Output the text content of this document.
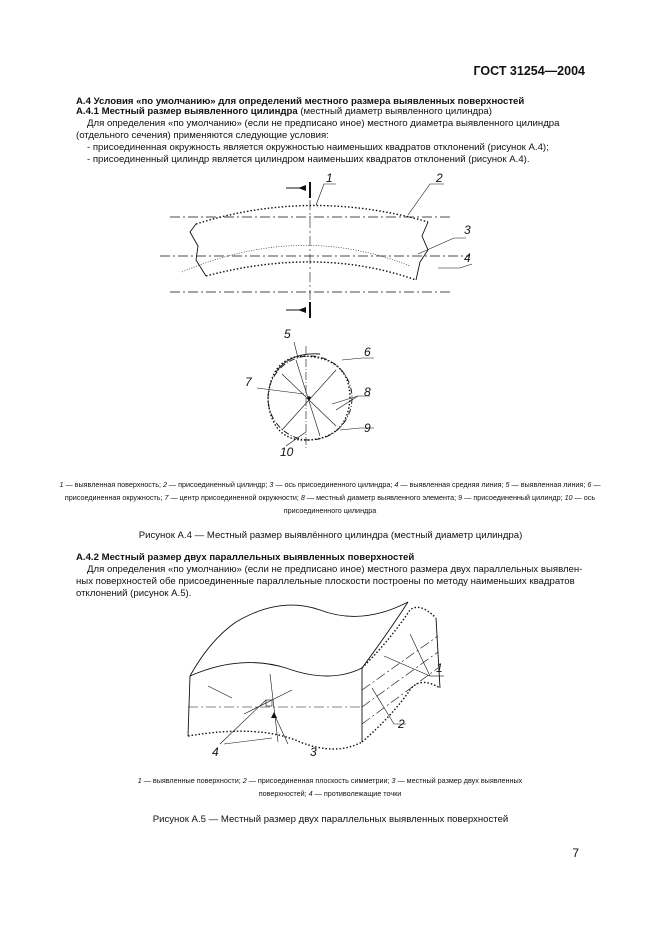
ГОСТ 31254—2004
А.4 Условия «по умолчанию» для определений местного размера выявленных поверхностей
А.4.1 Местный размер выявленного цилиндра (местный диаметр выявленного цилиндра)
Для определения «по умолчанию» (если не предписано иное) местного диаметра выявленного цилиндра
(отдельного сечения) применяются следующие условия:
- присоединенная окружность является окружностью наименьших квадратов отклонений (рисунок А.4);
- присоединенный цилиндр является цилиндром наименьших квадратов отклонений (рисунок А.4).
1	2
3
4
5
6
7
8
9
10
1 — выявленная поверхность; 2 — присоединенный цилиндр; 3 — ось присоединенного цилиндра; 4 — выявленная средняя линия; 5 — выявленная линия; 6 — присоединенная окружность; 7 — центр присоединенной окружности; 8 — местный диаметр выявленного элемента; 9 — присоединенный цилиндр; 10 — ось присоединенного цилиндра
Рисунок А.4 — Местный размер выявлённого цилиндра (местный диаметр цилиндра)
А.4.2 Местный размер двух параллельных выявленных поверхностей
Для определения «по умолчанию» (если не предписано иное) местного размера двух параллельных выявлен-
ных поверхностей обе присоединенные параллельные плоскости построены по методу наименьших квадратов
отклонений (рисунок А.5).
1
2
3
4
1 — выявленные поверхности; 2 — присоединенная плоскость симметрии; 3 — местный размер двух выявленных
поверхностей; 4 — противолежащие точки
Рисунок А.5 — Местный размер двух параллельных выявленных поверхностей
7
